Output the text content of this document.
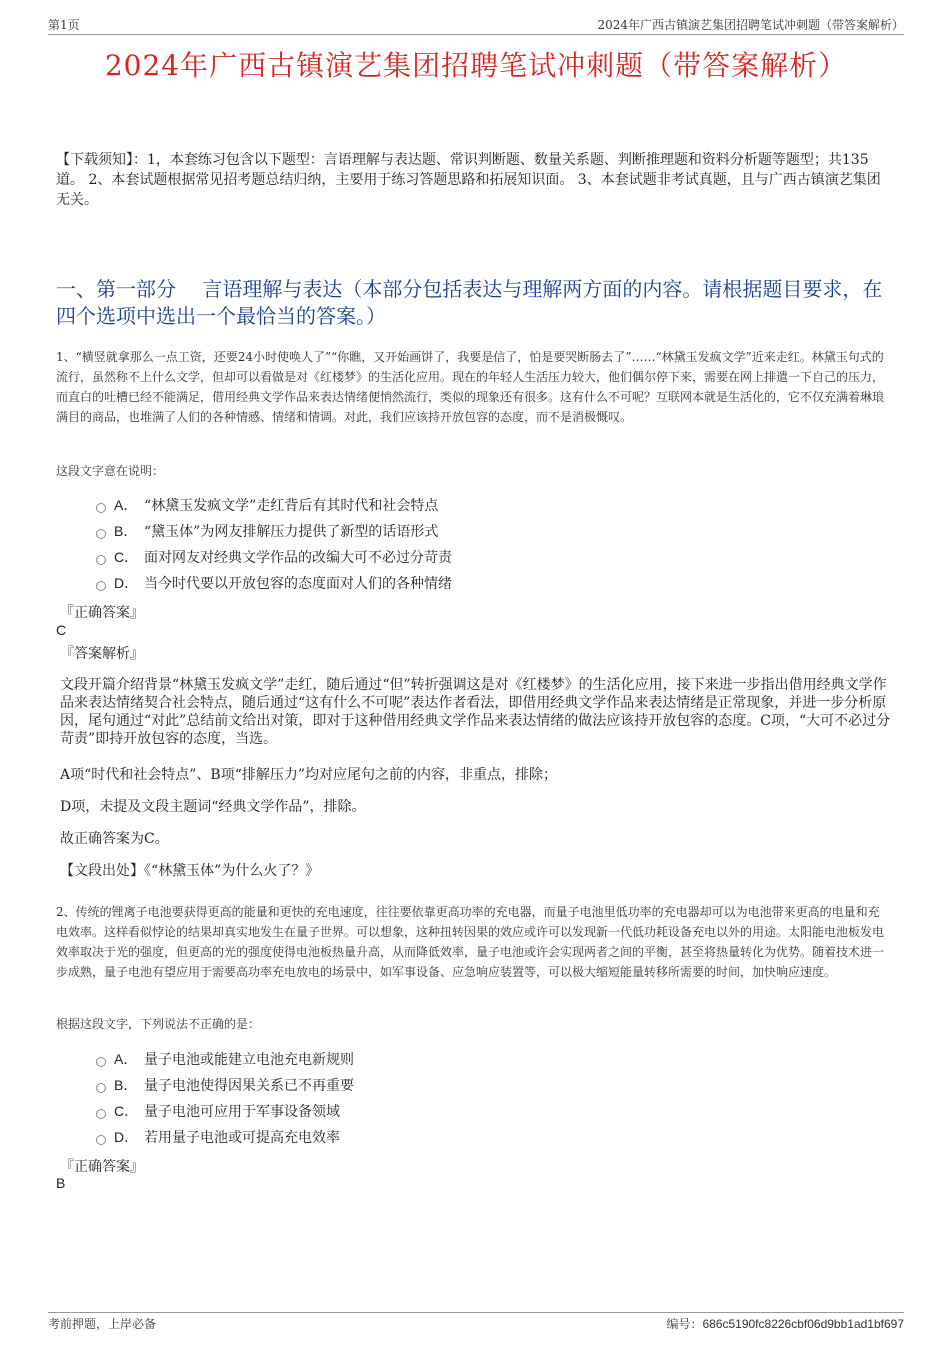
第1页	2024年广西古镇演艺集团招聘笔试冲刺题（带答案解析）
2024年广西古镇演艺集团招聘笔试冲刺题（带答案解析）
【下载须知】：1，本套练习包含以下题型：言语理解与表达题、常识判断题、数量关系题、判断推理题和资料分析题等题型；共135道。 2、本套试题根据常见招考题总结归纳，主要用于练习答题思路和拓展知识面。 3、本套试题非考试真题，且与广西古镇演艺集团无关。
一、第一部分　 言语理解与表达（本部分包括表达与理解两方面的内容。请根据题目要求，在四个选项中选出一个最恰当的答案。）
1、“横竖就拿那么一点工资，还要24小时使唤人了”“你瞧，又开始画饼了，我要是信了，怕是要哭断肠去了”……“林黛玉发疯文学”近来走红。林黛玉句式的流行，虽然称不上什么文学，但却可以看做是对《红楼梦》的生活化应用。现在的年轻人生活压力较大，他们偶尔停下来，需要在网上排遣一下自己的压力，而直白的吐槽已经不能满足，借用经典文学作品来表达情绪便悄然流行，类似的现象还有很多。这有什么不可呢？互联网本就是生活化的，它不仅充满着琳琅满目的商品，也堆满了人们的各种情感、情绪和情调。对此，我们应该持开放包容的态度，而不是消极慨叹。
这段文字意在说明：
A． “林黛玉发疯文学”走红背后有其时代和社会特点
B． “黛玉体”为网友排解压力提供了新型的话语形式
C． 面对网友对经典文学作品的改编大可不必过分苛责
D． 当今时代要以开放包容的态度面对人们的各种情绪
『正确答案』
C
『答案解析』

文段开篇介绍背景“林黛玉发疯文学”走红，随后通过“但”转折强调这是对《红楼梦》的生活化应用，接下来进一步指出借用经典文学作品来表达情绪契合社会特点，随后通过“这有什么不可呢”表达作者看法，即借用经典文学作品来表达情绪是正常现象，并进一步分析原因，尾句通过“对此”总结前文给出对策，即对于这种借用经典文学作品来表达情绪的做法应该持开放包容的态度。C项，“大可不必过分苛责”即持开放包容的态度，当选。

A项“时代和社会特点”、B项“排解压力”均对应尾句之前的内容，非重点，排除；

D项，未提及文段主题词“经典文学作品”，排除。

故正确答案为C。

【文段出处】《“林黛玉体”为什么火了？》

2、传统的锂离子电池要获得更高的能量和更快的充电速度，往往要依靠更高功率的充电器，而量子电池里低功率的充电器却可以为电池带来更高的电量和充电效率。这样看似悖论的结果却真实地发生在量子世界。可以想象，这种扭转因果的效应或许可以发现新一代低功耗设备充电以外的用途。太阳能电池板发电效率取决于光的强度，但更高的光的强度使得电池板热量升高，从而降低效率，量子电池或许会实现两者之间的平衡，甚至将热量转化为优势。随着技术进一步成熟，量子电池有望应用于需要高功率充电放电的场景中，如军事设备、应急响应装置等，可以极大缩短能量转移所需要的时间，加快响应速度。
根据这段文字，下列说法不正确的是：
A． 量子电池或能建立电池充电新规则
B． 量子电池使得因果关系已不再重要
C． 量子电池可应用于军事设备领域
D． 若用量子电池或可提高充电效率
『正确答案』
B
考前押题，上岸必备	编号：686c5190fc8226cbf06d9bb1ad1bf697
